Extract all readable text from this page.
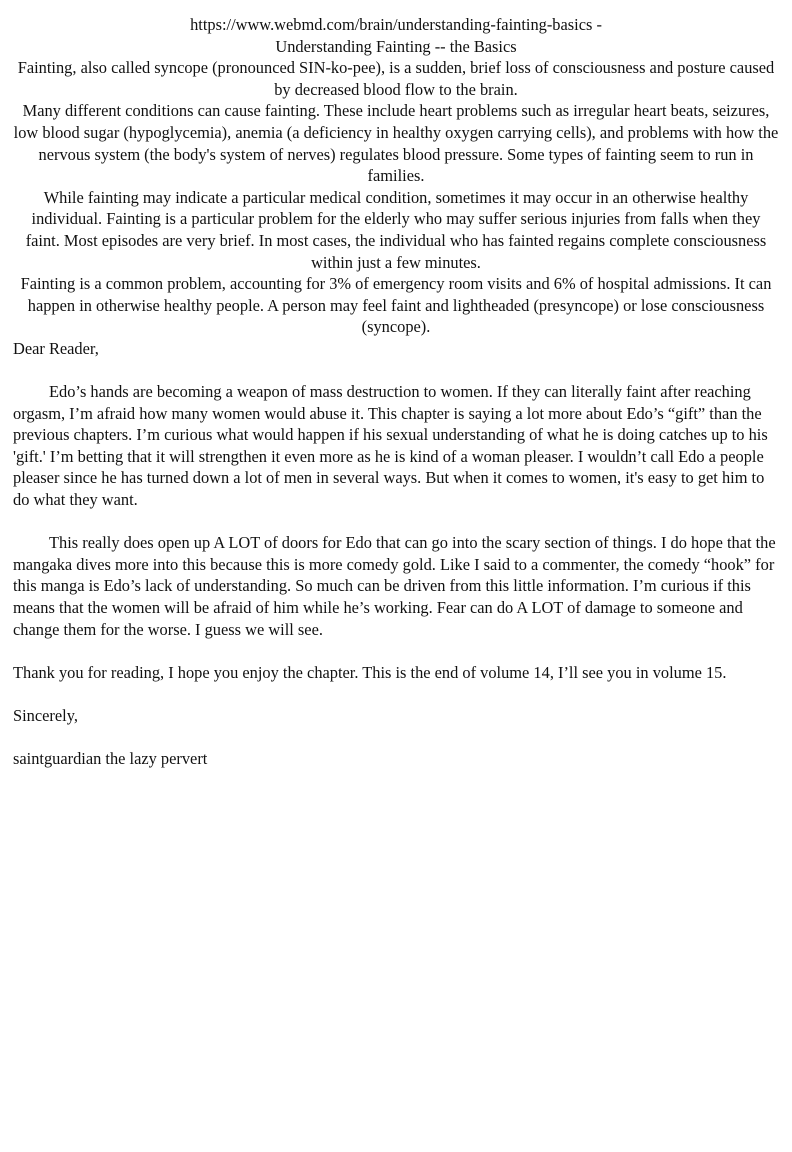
https://www.webmd.com/brain/understanding-fainting-basics -

Understanding Fainting -- the Basics

Fainting, also called syncope (pronounced SIN-ko-pee), is a sudden, brief loss of consciousness and posture caused by decreased blood flow to the brain.

Many different conditions can cause fainting. These include heart problems such as irregular heart beats, seizures, low blood sugar (hypoglycemia), anemia (a deficiency in healthy oxygen carrying cells), and problems with how the nervous system (the body's system of nerves) regulates blood pressure. Some types of fainting seem to run in families.

While fainting may indicate a particular medical condition, sometimes it may occur in an otherwise healthy individual. Fainting is a particular problem for the elderly who may suffer serious injuries from falls when they faint. Most episodes are very brief. In most cases, the individual who has fainted regains complete consciousness within just a few minutes.

Fainting is a common problem, accounting for 3% of emergency room visits and 6% of hospital admissions. It can happen in otherwise healthy people. A person may feel faint and lightheaded (presyncope) or lose consciousness (syncope).

Dear Reader,

Edo’s hands are becoming a weapon of mass destruction to women. If they can literally faint after reaching orgasm, I’m afraid how many women would abuse it. This chapter is saying a lot more about Edo’s “gift” than the previous chapters. I’m curious what would happen if his sexual understanding of what he is doing catches up to his 'gift.' I’m betting that it will strengthen it even more as he is kind of a woman pleaser. I wouldn’t call Edo a people pleaser since he has turned down a lot of men in several ways. But when it comes to women, it's easy to get him to do what they want.

This really does open up A LOT of doors for Edo that can go into the scary section of things. I do hope that the mangaka dives more into this because this is more comedy gold. Like I said to a commenter, the comedy “hook” for this manga is Edo’s lack of understanding. So much can be driven from this little information. I’m curious if this means that the women will be afraid of him while he’s working. Fear can do A LOT of damage to someone and change them for the worse. I guess we will see.

Thank you for reading, I hope you enjoy the chapter. This is the end of volume 14, I’ll see you in volume 15.

Sincerely,

saintguardian the lazy pervert
